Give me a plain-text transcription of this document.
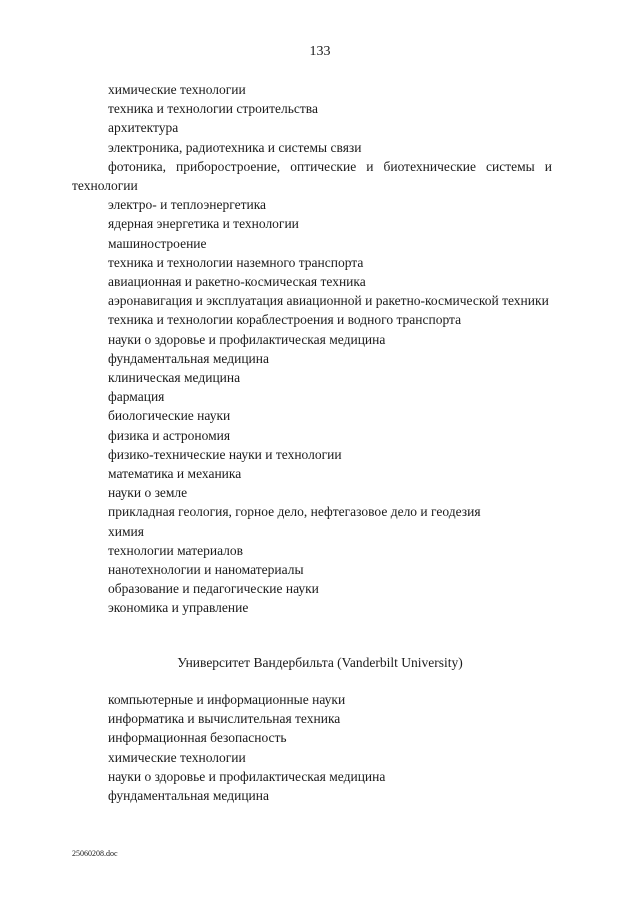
133
химические технологии
техника и технологии строительства
архитектура
электроника, радиотехника и системы связи
фотоника, приборостроение, оптические и биотехнические системы и технологии
электро- и теплоэнергетика
ядерная энергетика и технологии
машиностроение
техника и технологии наземного транспорта
авиационная и ракетно-космическая техника
аэронавигация и эксплуатация авиационной и ракетно-космической техники
техника и технологии кораблестроения и водного транспорта
науки о здоровье и профилактическая медицина
фундаментальная медицина
клиническая медицина
фармация
биологические науки
физика и астрономия
физико-технические науки и технологии
математика и механика
науки о земле
прикладная геология, горное дело, нефтегазовое дело и геодезия
химия
технологии материалов
нанотехнологии и наноматериалы
образование и педагогические науки
экономика и управление
Университет Вандербильта (Vanderbilt University)
компьютерные и информационные науки
информатика и вычислительная техника
информационная безопасность
химические технологии
науки о здоровье и профилактическая медицина
фундаментальная медицина
25060208.doc
